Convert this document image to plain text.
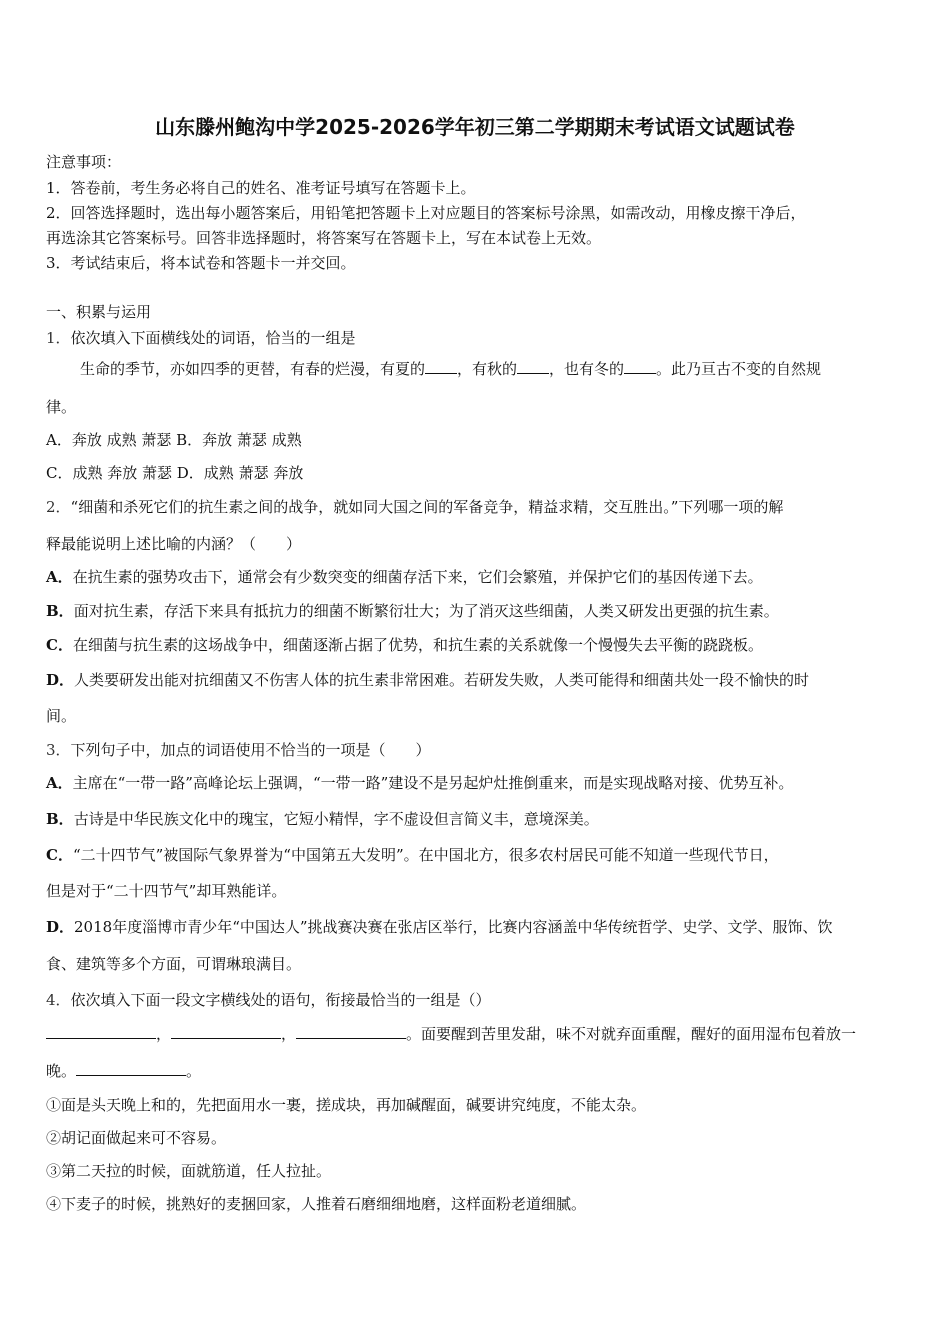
山东滕州鲍沟中学2025-2026学年初三第二学期期末考试语文试题试卷
注意事项：
1．答卷前，考生务必将自己的姓名、准考证号填写在答题卡上。
2．回答选择题时，选出每小题答案后，用铅笔把答题卡上对应题目的答案标号涂黑，如需改动，用橡皮擦干净后，
再选涂其它答案标号。回答非选择题时，将答案写在答题卡上，写在本试卷上无效。
3．考试结束后，将本试卷和答题卡一并交回。
一、积累与运用
1．依次填入下面横线处的词语，恰当的一组是
生命的季节，亦如四季的更替，有春的烂漫，有夏的 ，有秋的 ，也有冬的 。此乃亘古不变的自然规
律。
A．奔放 成熟 萧瑟 B．奔放 萧瑟 成熟
C．成熟 奔放 萧瑟 D．成熟 萧瑟 奔放
2．“细菌和杀死它们的抗生素之间的战争，就如同大国之间的军备竞争，精益求精，交互胜出。”下列哪一项的解
释最能说明上述比喻的内涵？（　　）
A．在抗生素的强势攻击下，通常会有少数突变的细菌存活下来，它们会繁殖，并保护它们的基因传递下去。
B．面对抗生素，存活下来具有抵抗力的细菌不断繁衍壮大；为了消灭这些细菌，人类又研发出更强的抗生素。
C．在细菌与抗生素的这场战争中，细菌逐渐占据了优势，和抗生素的关系就像一个慢慢失去平衡的跷跷板。
D．人类要研发出能对抗细菌又不伤害人体的抗生素非常困难。若研发失败，人类可能得和细菌共处一段不愉快的时
间。
3．下列句子中，加点的词语使用不恰当的一项是（　　）
A．主席在“一带一路”高峰论坛上强调，“一带一路”建设不是另起炉灶推倒重来，而是实现战略对接、优势互补。
B．古诗是中华民族文化中的瑰宝，它短小精悍，字不虚设但言简义丰，意境深美。
C．“二十四节气”被国际气象界誉为“中国第五大发明”。在中国北方，很多农村居民可能不知道一些现代节日，
但是对于“二十四节气”却耳熟能详。
D．2018年度淄博市青少年“中国达人”挑战赛决赛在张店区举行，比赛内容涵盖中华传统哲学、史学、文学、服饰、饮
食、建筑等多个方面，可谓琳琅满目。
4．依次填入下面一段文字横线处的语句，衔接最恰当的一组是（）
，	，	。面要醒到苦里发甜，味不对就弃面重醒，醒好的面用湿布包着放一
晚。	。
①面是头天晚上和的，先把面用水一裹，搓成块，再加碱醒面，碱要讲究纯度，不能太杂。
②胡记面做起来可不容易。
③第二天拉的时候，面就筋道，任人拉扯。
④下麦子的时候，挑熟好的麦捆回家，人推着石磨细细地磨，这样面粉老道细腻。
